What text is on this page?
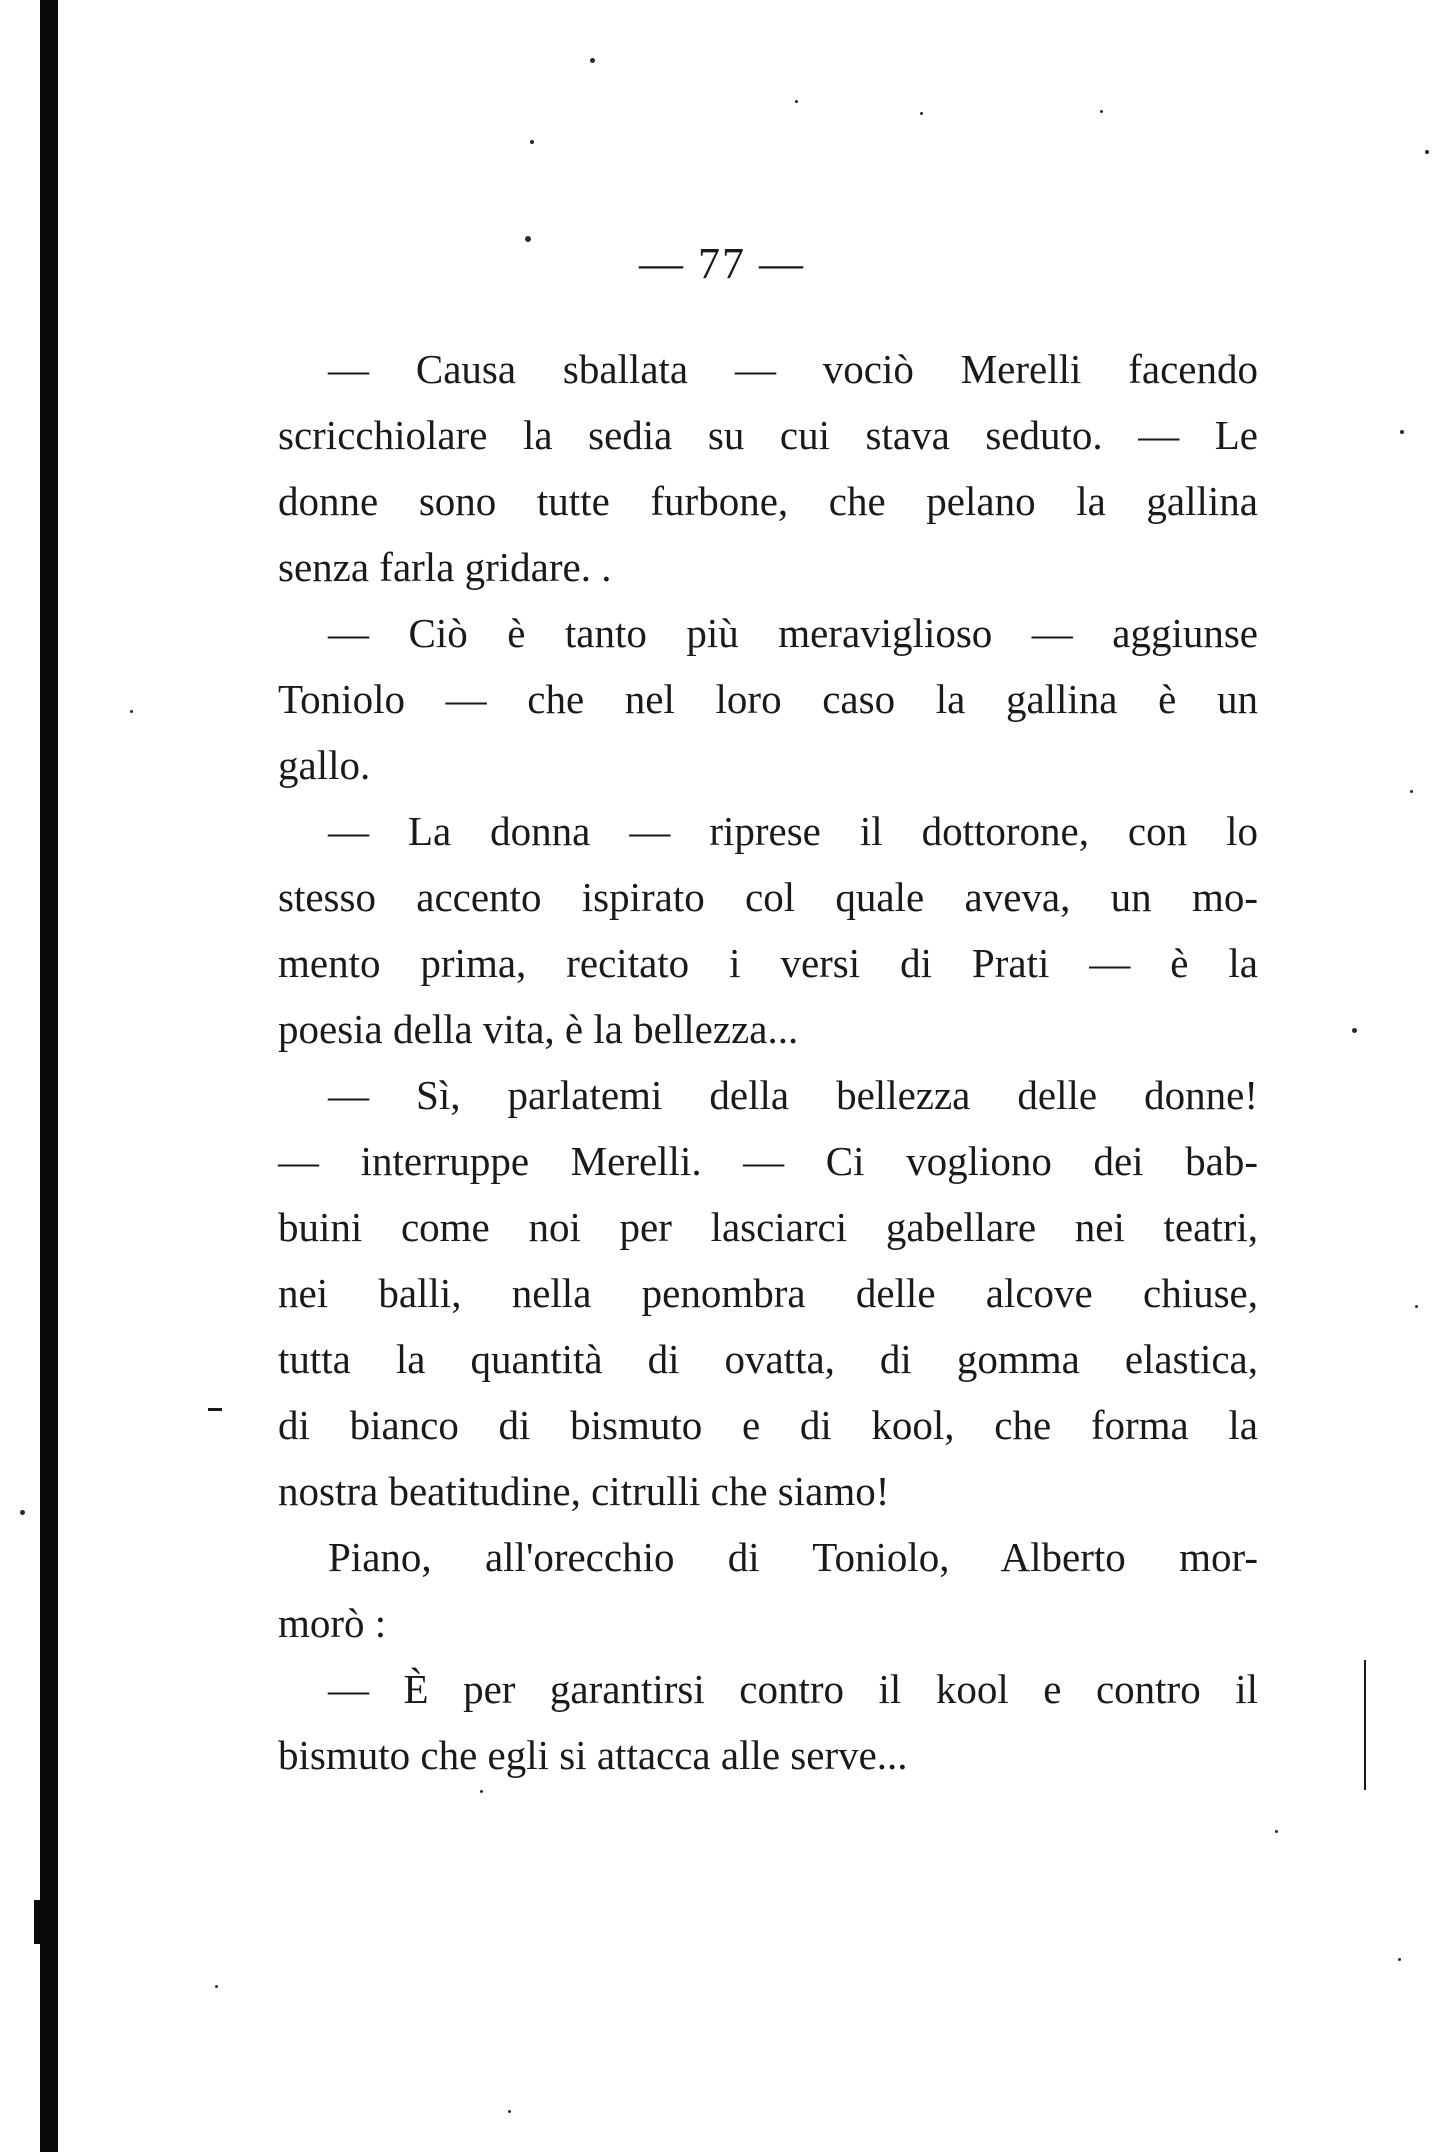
— 77 —
— Causa sballata — vociò Merelli facendo
scricchiolare la sedia su cui stava seduto. — Le
donne sono tutte furbone, che pelano la gallina
senza farla gridare. .
— Ciò è tanto più meraviglioso — aggiunse
Toniolo — che nel loro caso la gallina è un
gallo.
— La donna — riprese il dottorone, con lo
stesso accento ispirato col quale aveva, un mo-
mento prima, recitato i versi di Prati — è la
poesia della vita, è la bellezza...
— Sì, parlatemi della bellezza delle donne!
— interruppe Merelli. — Ci vogliono dei bab-
buini come noi per lasciarci gabellare nei teatri,
nei balli, nella penombra delle alcove chiuse,
tutta la quantità di ovatta, di gomma elastica,
di bianco di bismuto e di kool, che forma la
nostra beatitudine, citrulli che siamo!
Piano, all'orecchio di Toniolo, Alberto mor-
morò :
— È per garantirsi contro il kool e contro il
bismuto che egli si attacca alle serve...
